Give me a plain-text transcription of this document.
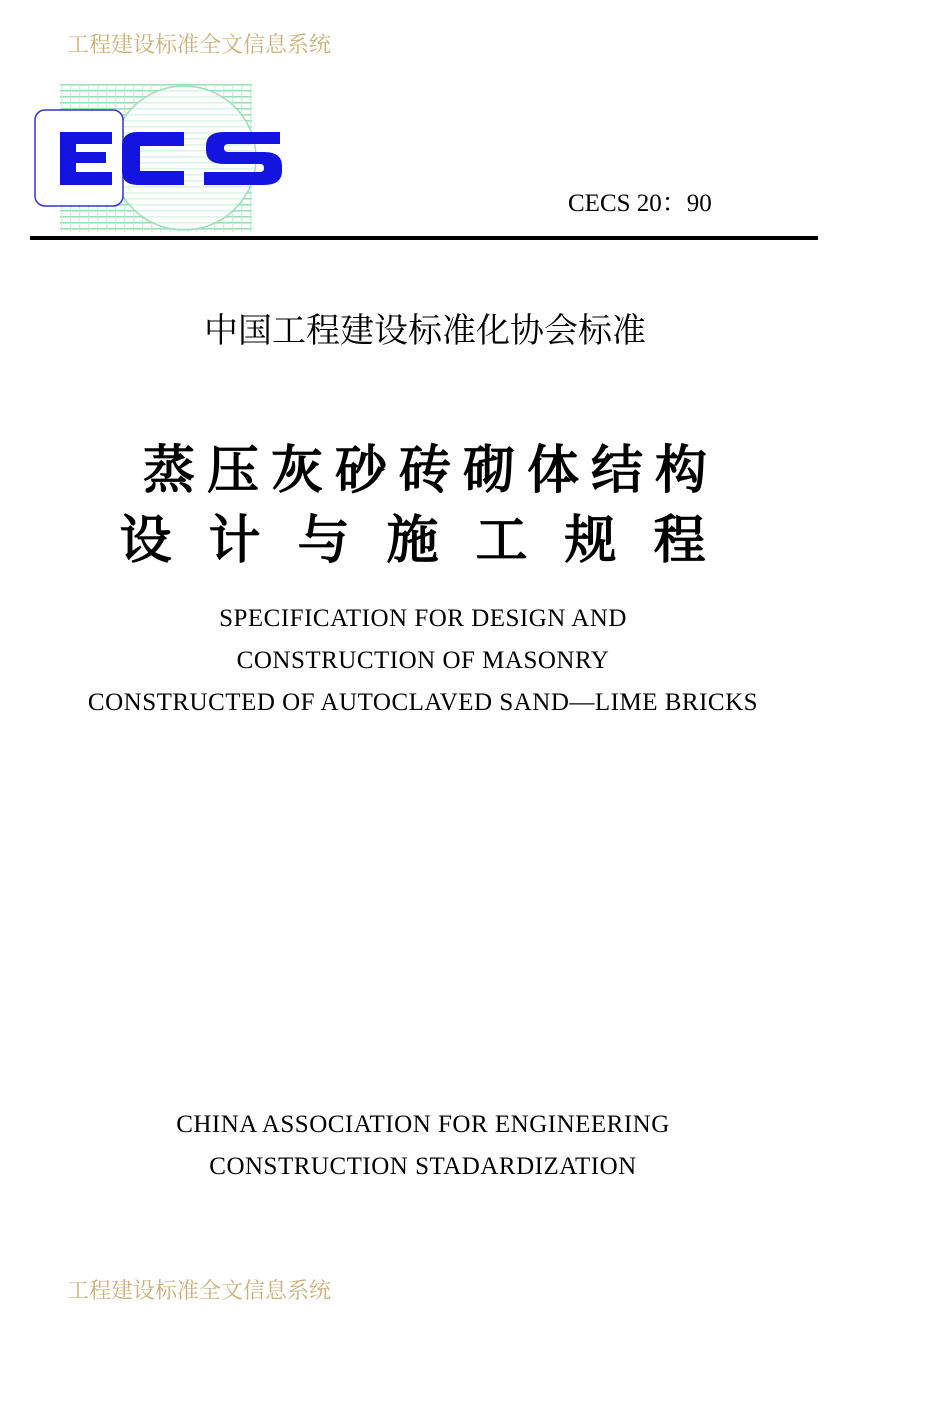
工程建设标准全文信息系统
CECS 20：90
中国工程建设标准化协会标准
蒸压灰砂砖砌体结构
设计与施工规程
SPECIFICATION FOR DESIGN AND
CONSTRUCTION OF MASONRY
CONSTRUCTED OF AUTOCLAVED SAND—LIME BRICKS
CHINA ASSOCIATION FOR ENGINEERING
CONSTRUCTION STADARDIZATION
工程建设标准全文信息系统
